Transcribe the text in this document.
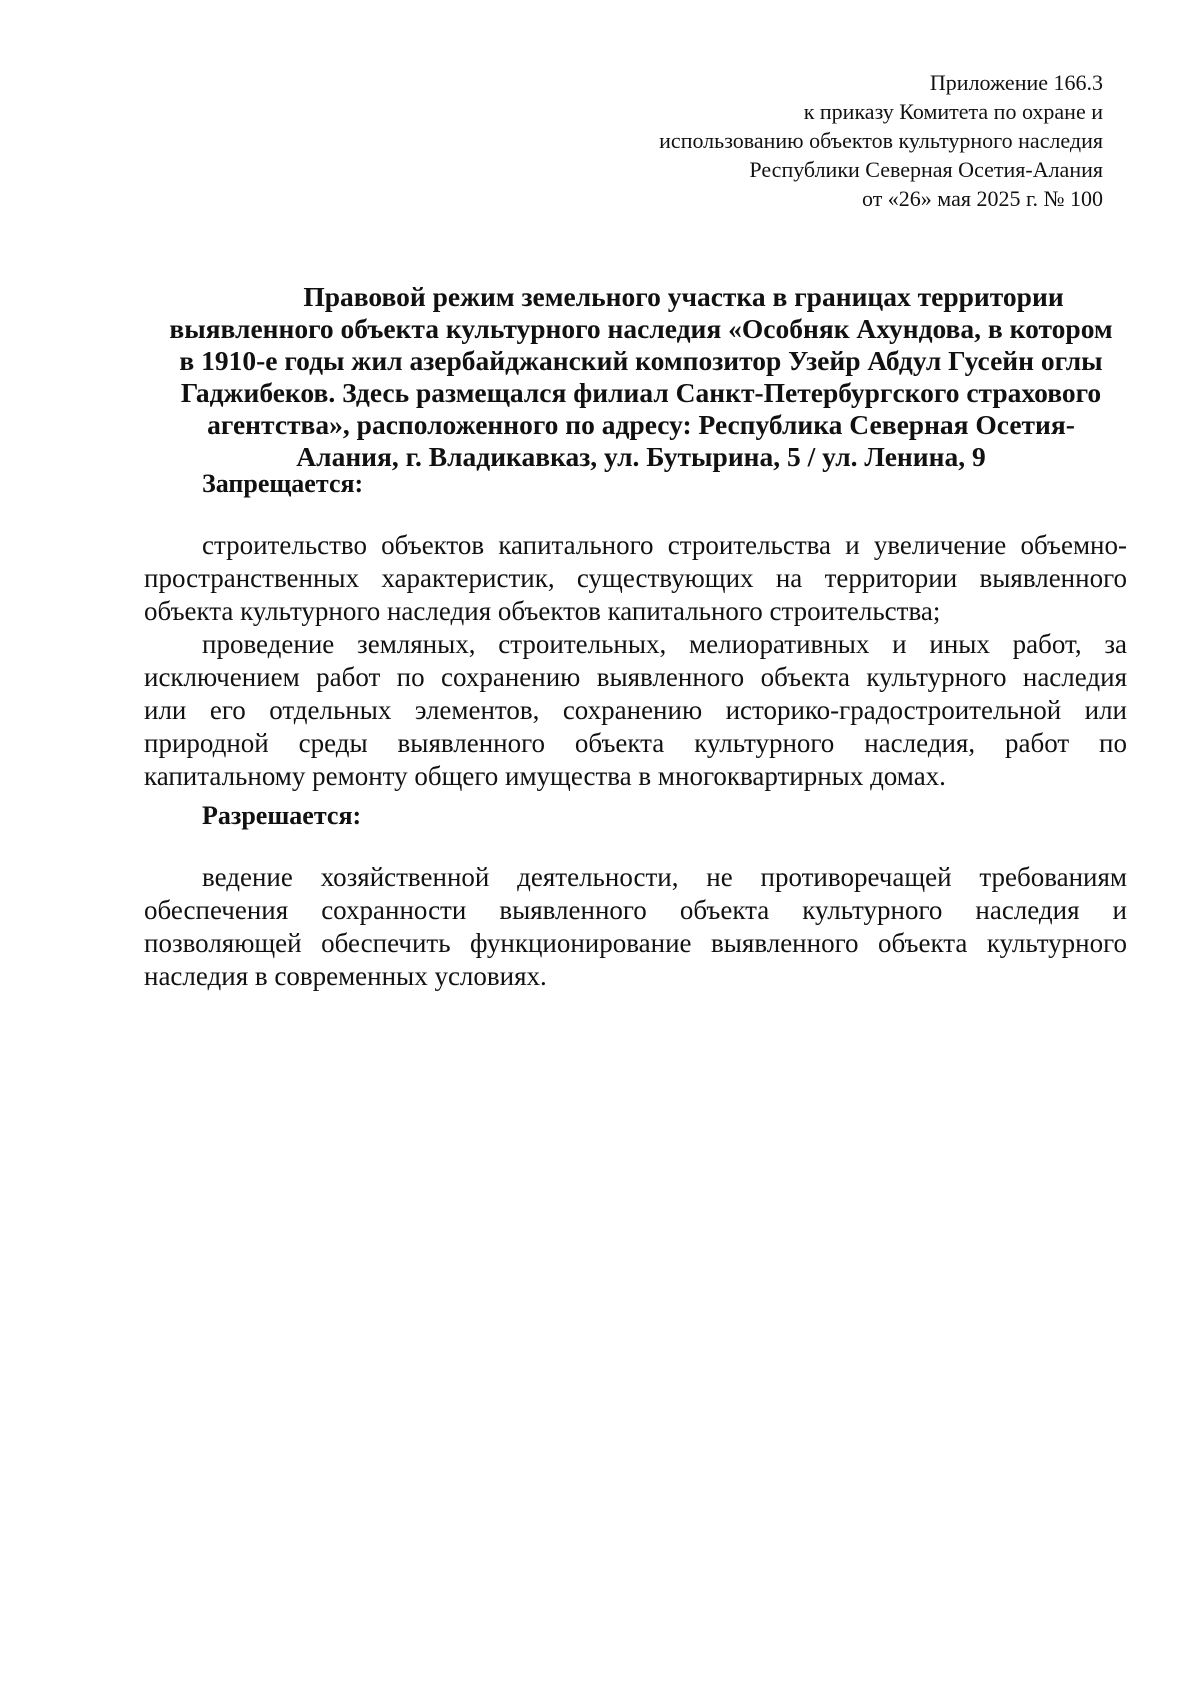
Приложение 166.3
к приказу Комитета по охране и
использованию объектов культурного наследия
Республики Северная Осетия-Алания
от «26» мая 2025 г. № 100
Правовой режим земельного участка в границах территории
выявленного объекта культурного наследия «Особняк Ахундова, в котором
в 1910-е годы жил азербайджанский композитор Узейр Абдул Гусейн оглы
Гаджибеков. Здесь размещался филиал Санкт-Петербургского страхового
агентства», расположенного по адресу: Республика Северная Осетия-
Алания, г. Владикавказ, ул. Бутырина, 5 / ул. Ленина, 9
Запрещается:
строительство объектов капитального строительства и увеличение объемно-
пространственных характеристик, существующих на территории выявленного
объекта культурного наследия объектов капитального строительства;
проведение земляных, строительных, мелиоративных и иных работ, за
исключением работ по сохранению выявленного объекта культурного наследия
или его отдельных элементов, сохранению историко-градостроительной или
природной среды выявленного объекта культурного наследия, работ по
капитальному ремонту общего имущества в многоквартирных домах.
Разрешается:
ведение хозяйственной деятельности, не противоречащей требованиям
обеспечения сохранности выявленного объекта культурного наследия и
позволяющей обеспечить функционирование выявленного объекта культурного
наследия в современных условиях.
